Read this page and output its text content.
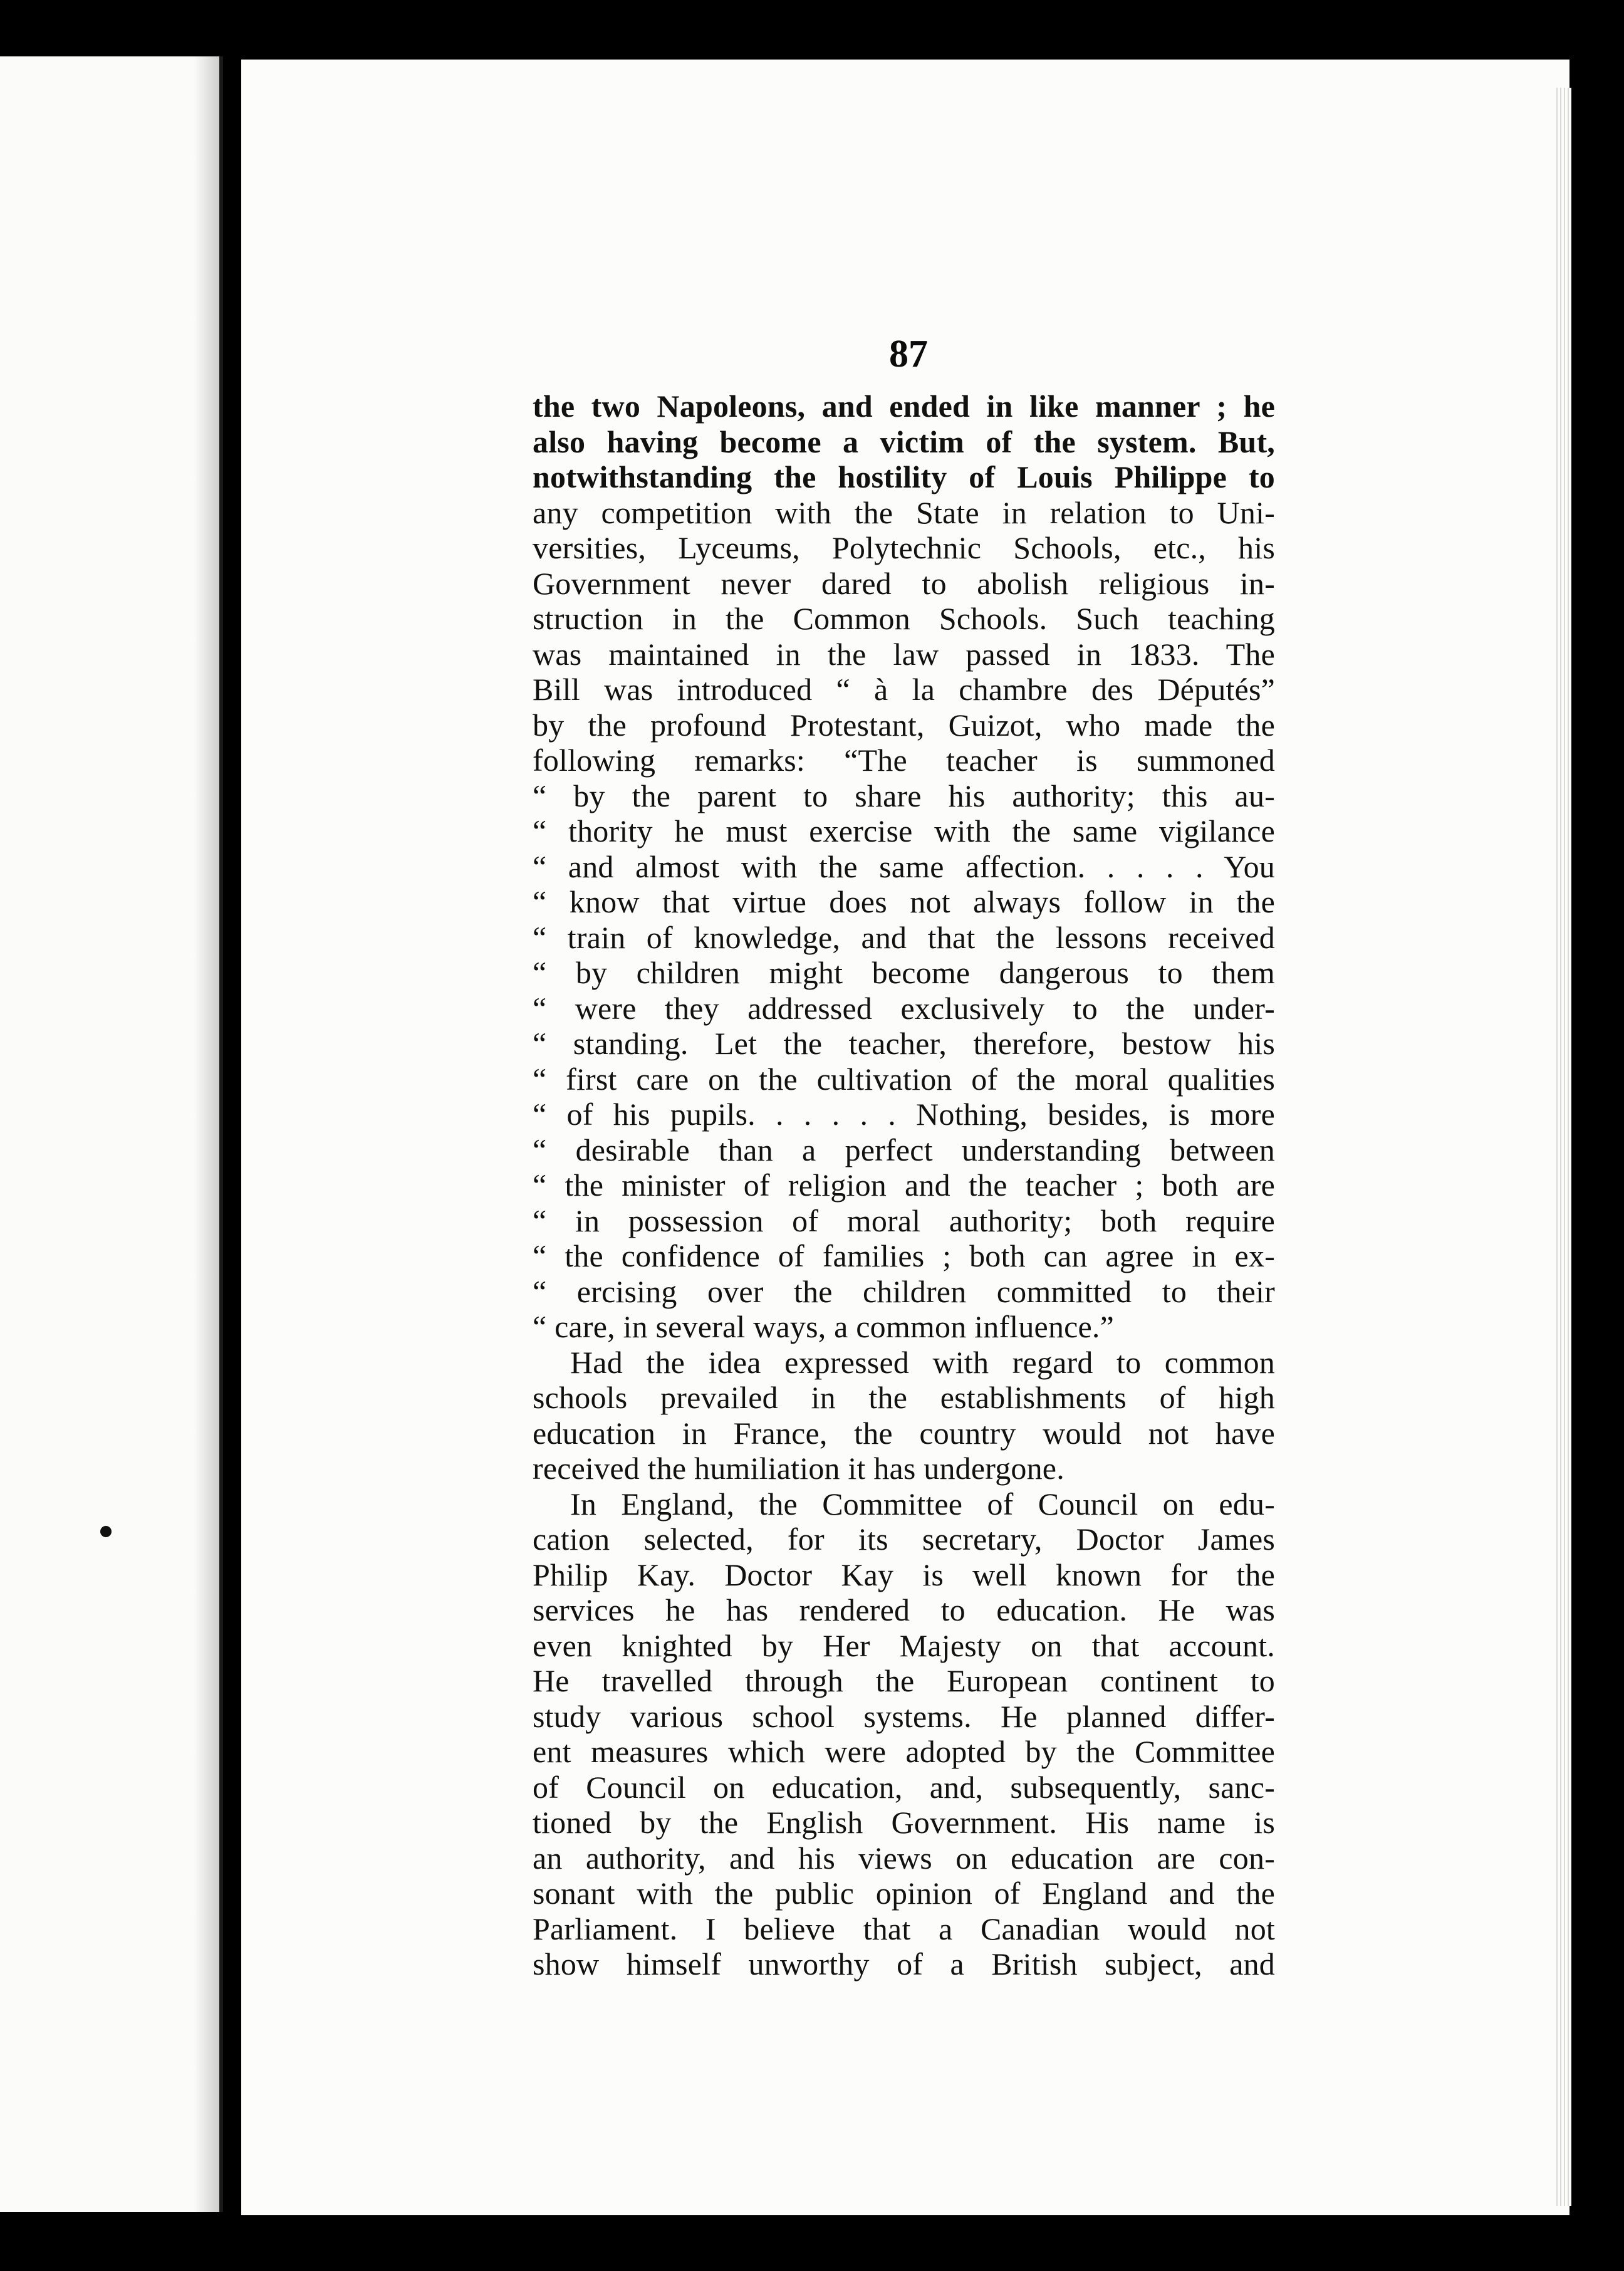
87
the two Napoleons, and ended in like manner ; he
also having become a victim of the system. But,
notwithstanding the hostility of Louis Philippe to
any competition with the State in relation to Uni-
versities, Lyceums, Polytechnic Schools, etc., his
Government never dared to abolish religious in-
struction in the Common Schools. Such teaching
was maintained in the law passed in 1833. The
Bill was introduced “ à la chambre des Députés”
by the profound Protestant, Guizot, who made the
following remarks: “The teacher is summoned
“ by the parent to share his authority; this au-
“ thority he must exercise with the same vigilance
“ and almost with the same affection. . . . . You
“ know that virtue does not always follow in the
“ train of knowledge, and that the lessons received
“ by children might become dangerous to them
“ were they addressed exclusively to the under-
“ standing. Let the teacher, therefore, bestow his
“ first care on the cultivation of the moral qualities
“ of his pupils. . . . . . Nothing, besides, is more
“ desirable than a perfect understanding between
“ the minister of religion and the teacher ; both are
“ in possession of moral authority; both require
“ the confidence of families ; both can agree in ex-
“ ercising over the children committed to their
“ care, in several ways, a common influence.”
Had the idea expressed with regard to common
schools prevailed in the establishments of high
education in France, the country would not have
received the humiliation it has undergone.
In England, the Committee of Council on edu-
cation selected, for its secretary, Doctor James
Philip Kay. Doctor Kay is well known for the
services he has rendered to education. He was
even knighted by Her Majesty on that account.
He travelled through the European continent to
study various school systems. He planned differ-
ent measures which were adopted by the Committee
of Council on education, and, subsequently, sanc-
tioned by the English Government. His name is
an authority, and his views on education are con-
sonant with the public opinion of England and the
Parliament. I believe that a Canadian would not
show himself unworthy of a British subject, and
